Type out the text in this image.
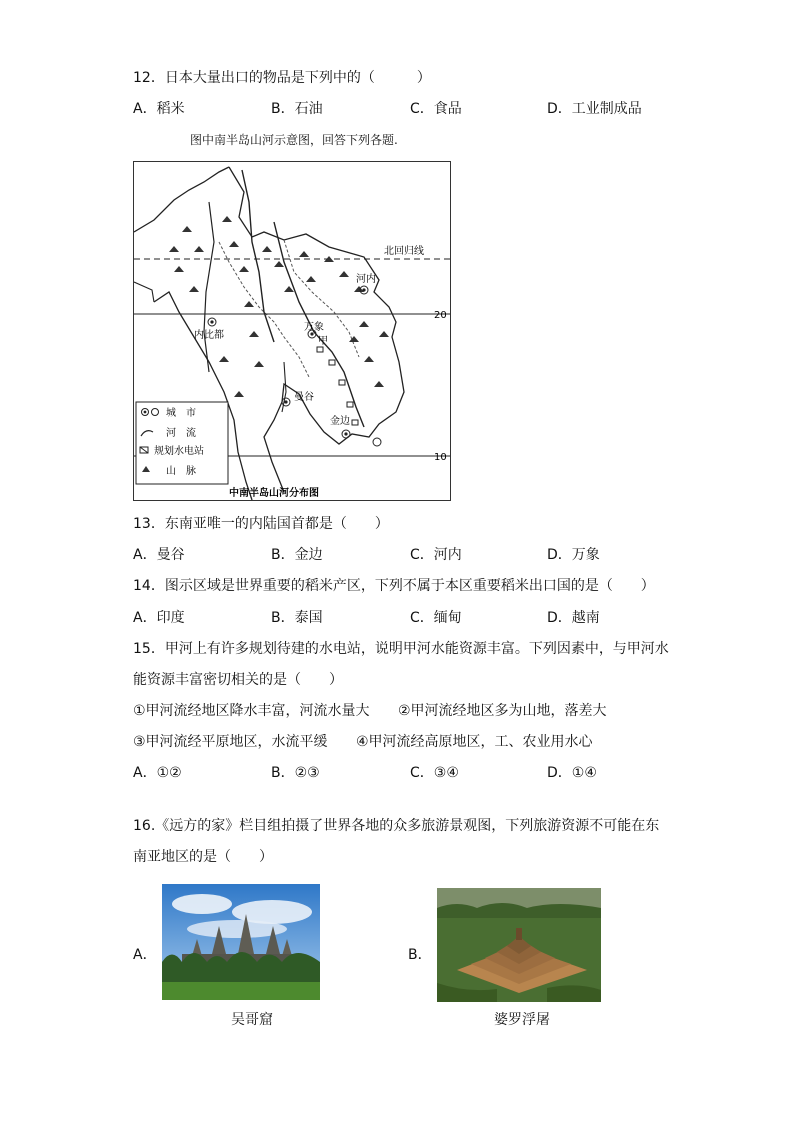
12．日本大量出口的物品是下列中的（　　　）
A．稻米	B．石油	C．食品	D．工业制成品
图中南半岛山河示意图，回答下列各题.
北回归线
20
10
河内
内比都
万象
甲
曼谷
金边
城　市
河　流
规划水电站
山　脉
中南半岛山河分布图
13．东南亚唯一的内陆国首都是（　　）
A．曼谷	B．金边	C．河内	D．万象
14．图示区域是世界重要的稻米产区，下列不属于本区重要稻米出口国的是（　　）
A．印度	B．泰国	C．缅甸	D．越南
15．甲河上有许多规划待建的水电站，说明甲河水能资源丰富。下列因素中，与甲河水
能资源丰富密切相关的是（　　）
①甲河流经地区降水丰富，河流水量大 ②甲河流经地区多为山地，落差大
③甲河流经平原地区，水流平缓 ④甲河流经高原地区，工、农业用水心
A．①②	B．②③	C．③④	D．①④
16.《远方的家》栏目组拍摄了世界各地的众多旅游景观图，下列旅游资源不可能在东
南亚地区的是（　　）
A．
吴哥窟
B．
婆罗浮屠
